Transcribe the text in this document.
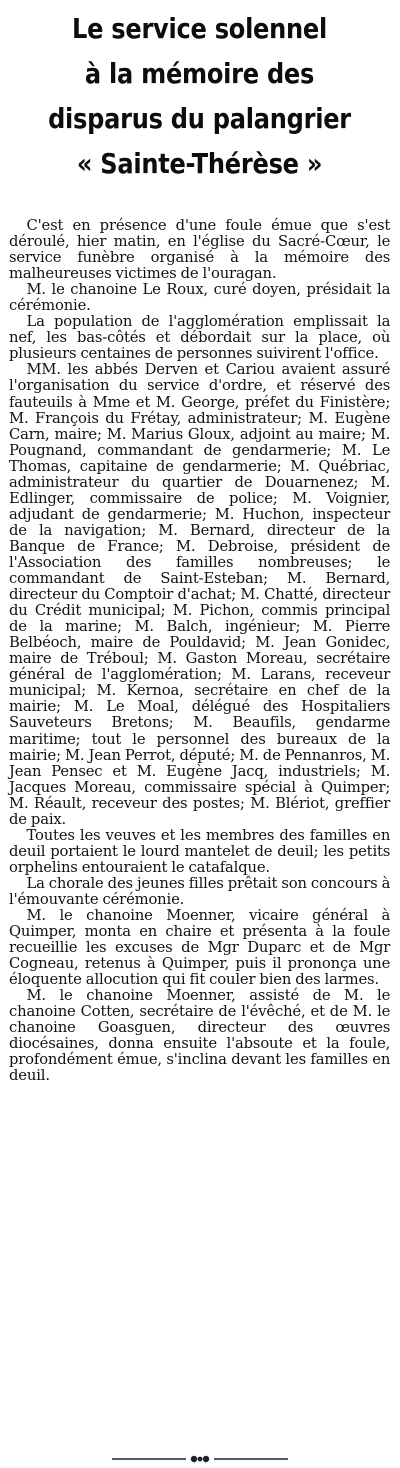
Le service solennel
à la mémoire des
disparus du palangrier
« Sainte-Thérèse »

C'est en présence d'une foule émue que s'est déroulé, hier matin, en l'église du Sacré-Cœur, le service funèbre organisé à la mémoire des malheureuses victimes de l'ouragan.

M. le chanoine Le Roux, curé doyen, présidait la cérémonie.

La population de l'agglomération emplissait la nef, les bas-côtés et débordait sur la place, où plusieurs centaines de personnes suivirent l'office.

MM. les abbés Derven et Cariou avaient assuré l'organisation du service d'ordre, et réservé des fauteuils à Mme et M. George, préfet du Finistère; M. François du Frétay, administrateur; M. Eugène Carn, maire; M. Marius Gloux, adjoint au maire; M. Pougnand, commandant de gendarmerie; M. Le Thomas, capitaine de gendarmerie; M. Québriac, administrateur du quartier de Douarnenez; M. Edlinger, commissaire de police; M. Voignier, adjudant de gendarmerie; M. Huchon, inspecteur de la navigation; M. Bernard, directeur de la Banque de France; M. Debroise, président de l'Association des familles nombreuses; le commandant de Saint-Esteban; M. Bernard, directeur du Comptoir d'achat; M. Chatté, directeur du Crédit municipal; M. Pichon, commis principal de la marine; M. Balch, ingénieur; M. Pierre Belbéoch, maire de Pouldavid; M. Jean Gonidec, maire de Tréboul; M. Gaston Moreau, secrétaire général de l'agglomération; M. Larans, receveur municipal; M. Kernoa, secrétaire en chef de la mairie; M. Le Moal, délégué des Hospitaliers Sauveteurs Bretons; M. Beaufils, gendarme maritime; tout le personnel des bureaux de la mairie; M. Jean Perrot, député; M. de Pennanros, M. Jean Pensec et M. Eugène Jacq, industriels; M. Jacques Moreau, commissaire spécial à Quimper; M. Réault, receveur des postes; M. Blériot, greffier de paix.

Toutes les veuves et les membres des familles en deuil portaient le lourd mantelet de deuil; les petits orphelins entouraient le catafalque.

La chorale des jeunes filles prêtait son concours à l'émouvante cérémonie.

M. le chanoine Moenner, vicaire général à Quimper, monta en chaire et présenta à la foule recueillie les excuses de Mgr Duparc et de Mgr Cogneau, retenus à Quimper, puis il prononça une éloquente allocution qui fit couler bien des larmes.

M. le chanoine Moenner, assisté de M. le chanoine Cotten, secrétaire de l'évêché, et de M. le chanoine Goasguen, directeur des œuvres diocésaines, donna ensuite l'absoute et la foule, profondément émue, s'inclina devant les familles en deuil.
